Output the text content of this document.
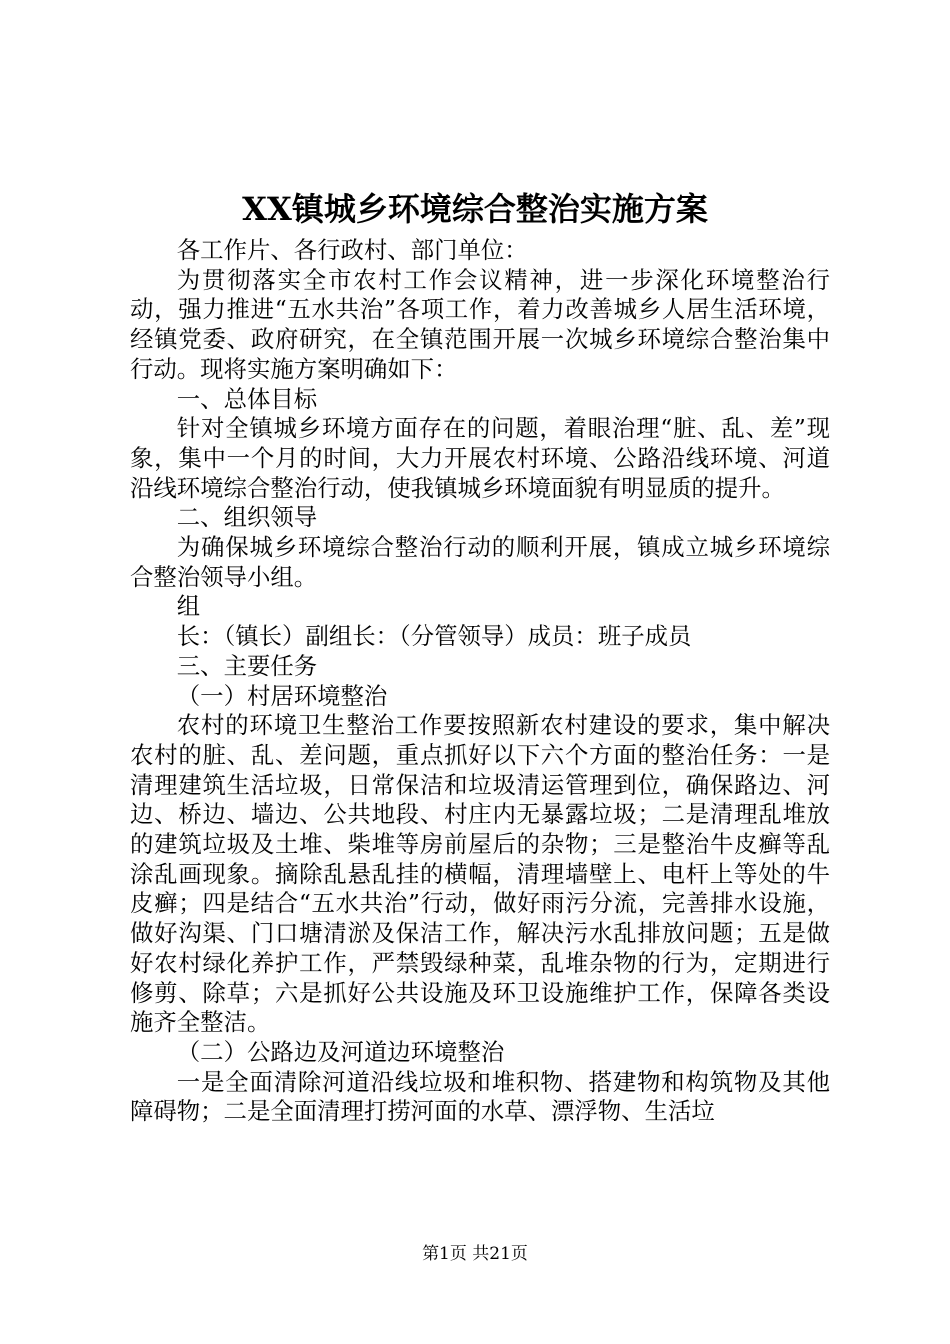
XX镇城乡环境综合整治实施方案

各工作片、各行政村、部门单位：

为贯彻落实全市农村工作会议精神，进一步深化环境整治行动，强力推进“五水共治”各项工作，着力改善城乡人居生活环境，经镇党委、政府研究，在全镇范围开展一次城乡环境综合整治集中行动。现将实施方案明确如下：

一、总体目标

针对全镇城乡环境方面存在的问题，着眼治理“脏、乱、差”现象，集中一个月的时间，大力开展农村环境、公路沿线环境、河道沿线环境综合整治行动，使我镇城乡环境面貌有明显质的提升。

二、组织领导

为确保城乡环境综合整治行动的顺利开展，镇成立城乡环境综合整治领导小组。

组

长：（镇长）副组长：（分管领导）成员：班子成员

三、主要任务

（一）村居环境整治

农村的环境卫生整治工作要按照新农村建设的要求，集中解决农村的脏、乱、差问题，重点抓好以下六个方面的整治任务：一是清理建筑生活垃圾，日常保洁和垃圾清运管理到位，确保路边、河边、桥边、墙边、公共地段、村庄内无暴露垃圾；二是清理乱堆放的建筑垃圾及土堆、柴堆等房前屋后的杂物；三是整治牛皮癣等乱涂乱画现象。摘除乱悬乱挂的横幅，清理墙壁上、电杆上等处的牛皮癣；四是结合“五水共治”行动，做好雨污分流，完善排水设施，做好沟渠、门口塘清淤及保洁工作，解决污水乱排放问题；五是做好农村绿化养护工作，严禁毁绿种菜，乱堆杂物的行为，定期进行修剪、除草；六是抓好公共设施及环卫设施维护工作，保障各类设施齐全整洁。

（二）公路边及河道边环境整治

一是全面清除河道沿线垃圾和堆积物、搭建物和构筑物及其他障碍物；二是全面清理打捞河面的水草、漂浮物、生活垃

第1页 共21页
